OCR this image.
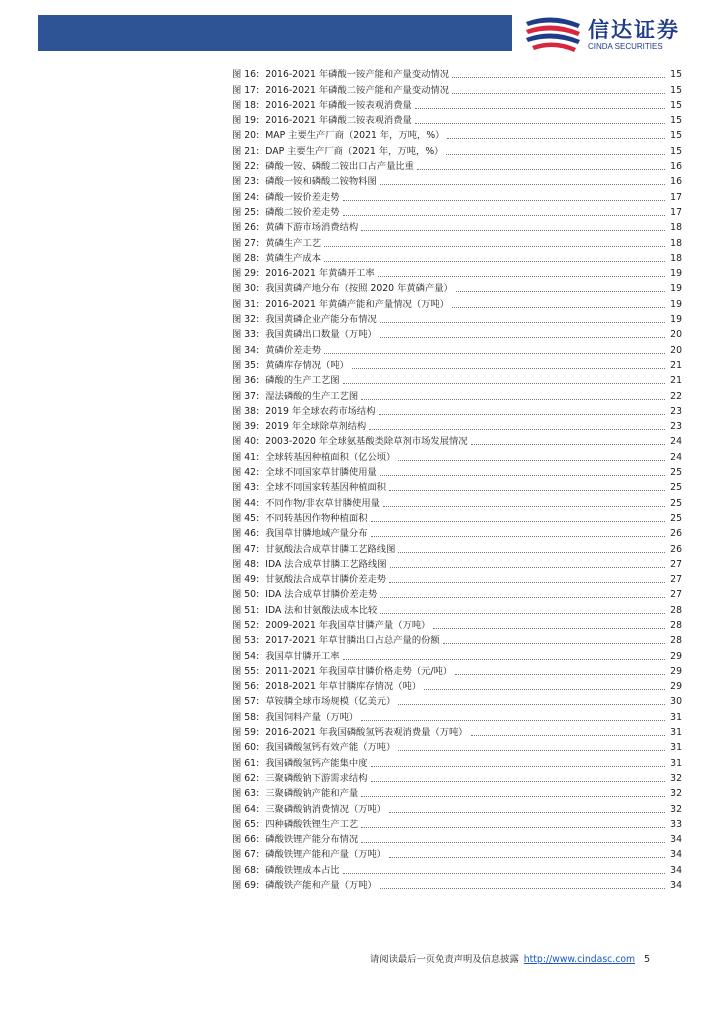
信达证券
CINDA SECURITIES
图 16: 2016-2021 年磷酸一铵产能和产量变动情况	15
图 17: 2016-2021 年磷酸二铵产能和产量变动情况	15
图 18: 2016-2021 年磷酸一铵表观消费量	15
图 19: 2016-2021 年磷酸二铵表观消费量	15
图 20: MAP 主要生产厂商（2021 年，万吨，%）	15
图 21: DAP 主要生产厂商（2021 年，万吨，%）	15
图 22: 磷酸一铵、磷酸二铵出口占产量比重	16
图 23: 磷酸一铵和磷酸二铵物料图	16
图 24: 磷酸一铵价差走势	17
图 25: 磷酸二铵价差走势	17
图 26: 黄磷下游市场消费结构	18
图 27: 黄磷生产工艺	18
图 28: 黄磷生产成本	18
图 29: 2016-2021 年黄磷开工率	19
图 30: 我国黄磷产地分布（按照 2020 年黄磷产量）	19
图 31: 2016-2021 年黄磷产能和产量情况（万吨）	19
图 32: 我国黄磷企业产能分布情况	19
图 33: 我国黄磷出口数量（万吨）	20
图 34: 黄磷价差走势	20
图 35: 黄磷库存情况（吨）	21
图 36: 磷酸的生产工艺图	21
图 37: 湿法磷酸的生产工艺图	22
图 38: 2019 年全球农药市场结构	23
图 39: 2019 年全球除草剂结构	23
图 40: 2003-2020 年全球氨基酸类除草剂市场发展情况	24
图 41: 全球转基因种植面积（亿公顷）	24
图 42: 全球不同国家草甘膦使用量	25
图 43: 全球不同国家转基因种植面积	25
图 44: 不同作物/非农草甘膦使用量	25
图 45: 不同转基因作物种植面积	25
图 46: 我国草甘膦地域产量分布	26
图 47: 甘氨酸法合成草甘膦工艺路线图	26
图 48: IDA 法合成草甘膦工艺路线图	27
图 49: 甘氨酸法合成草甘膦价差走势	27
图 50: IDA 法合成草甘膦价差走势	27
图 51: IDA 法和甘氨酸法成本比较	28
图 52: 2009-2021 年我国草甘膦产量（万吨）	28
图 53: 2017-2021 年草甘膦出口占总产量的份额	28
图 54: 我国草甘膦开工率	29
图 55: 2011-2021 年我国草甘膦价格走势（元/吨）	29
图 56: 2018-2021 年草甘膦库存情况（吨）	29
图 57: 草铵膦全球市场规模（亿美元）	30
图 58: 我国饲料产量（万吨）	31
图 59: 2016-2021 年我国磷酸氢钙表观消费量（万吨）	31
图 60: 我国磷酸氢钙有效产能（万吨）	31
图 61: 我国磷酸氢钙产能集中度	31
图 62: 三聚磷酸钠下游需求结构	32
图 63: 三聚磷酸钠产能和产量	32
图 64: 三聚磷酸钠消费情况（万吨）	32
图 65: 四种磷酸铁锂生产工艺	33
图 66: 磷酸铁锂产能分布情况	34
图 67: 磷酸铁锂产能和产量（万吨）	34
图 68: 磷酸铁锂成本占比	34
图 69: 磷酸铁产能和产量（万吨）	34
请阅读最后一页免责声明及信息披露 http://www.cindasc.com 5
